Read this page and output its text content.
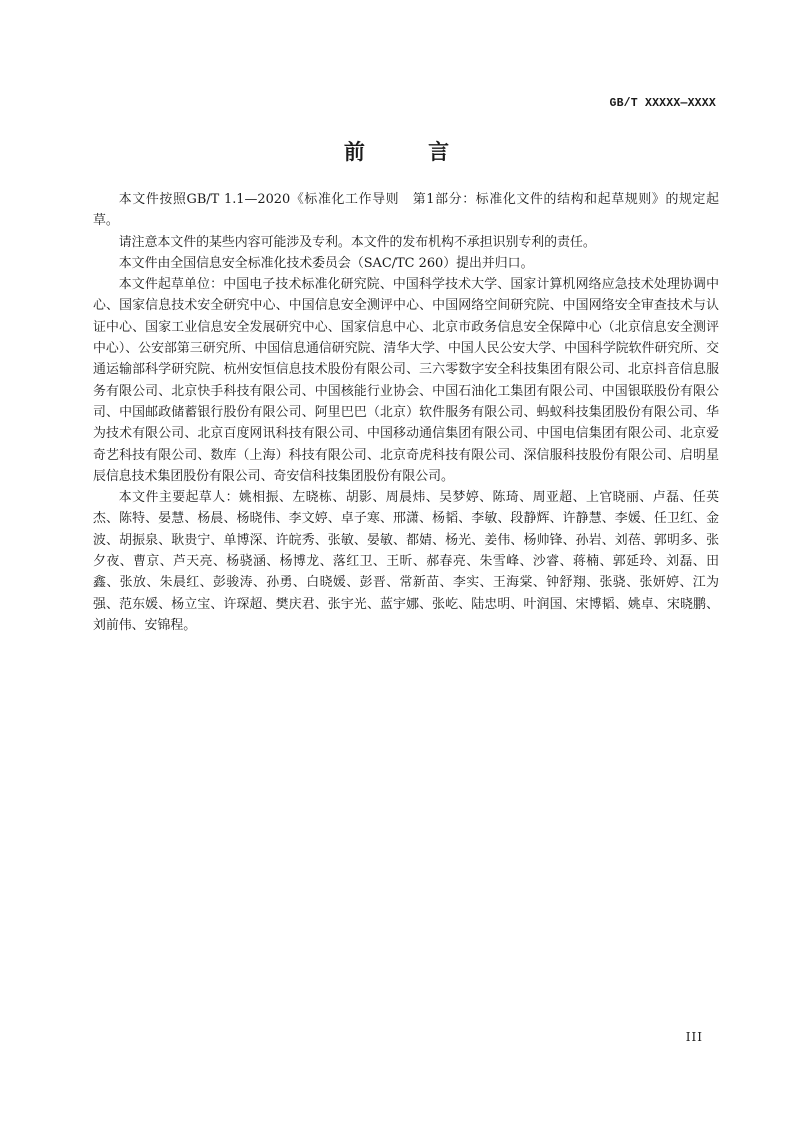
GB/T XXXXX—XXXX
前 言

本文件按照GB/T 1.1—2020《标准化工作导则　第1部分：标准化文件的结构和起草规则》的规定起草。

请注意本文件的某些内容可能涉及专利。本文件的发布机构不承担识别专利的责任。

本文件由全国信息安全标准化技术委员会（SAC/TC 260）提出并归口。

本文件起草单位：中国电子技术标准化研究院、中国科学技术大学、国家计算机网络应急技术处理协调中心、国家信息技术安全研究中心、中国信息安全测评中心、中国网络空间研究院、中国网络安全审查技术与认证中心、国家工业信息安全发展研究中心、国家信息中心、北京市政务信息安全保障中心（北京信息安全测评中心）、公安部第三研究所、中国信息通信研究院、清华大学、中国人民公安大学、中国科学院软件研究所、交通运输部科学研究院、杭州安恒信息技术股份有限公司、三六零数字安全科技集团有限公司、北京抖音信息服务有限公司、北京快手科技有限公司、中国核能行业协会、中国石油化工集团有限公司、中国银联股份有限公司、中国邮政储蓄银行股份有限公司、阿里巴巴（北京）软件服务有限公司、蚂蚁科技集团股份有限公司、华为技术有限公司、北京百度网讯科技有限公司、中国移动通信集团有限公司、中国电信集团有限公司、北京爱奇艺科技有限公司、数库（上海）科技有限公司、北京奇虎科技有限公司、深信服科技股份有限公司、启明星辰信息技术集团股份有限公司、奇安信科技集团股份有限公司。

本文件主要起草人：姚相振、左晓栋、胡影、周晨炜、吴梦婷、陈琦、周亚超、上官晓丽、卢磊、任英杰、陈特、晏慧、杨晨、杨晓伟、李文婷、卓子寒、邢潇、杨韬、李敏、段静辉、许静慧、李媛、任卫红、金波、胡振泉、耿贵宁、单博深、许皖秀、张敏、晏敏、都婧、杨光、姜伟、杨帅锋、孙岩、刘蓓、郭明多、张夕夜、曹京、芦天亮、杨骁涵、杨博龙、落红卫、王昕、郝春亮、朱雪峰、沙睿、蒋楠、郭延玲、刘磊、田鑫、张放、朱晨红、彭骏涛、孙勇、白晓媛、彭晋、常新苗、李实、王海棠、钟舒翔、张骁、张妍婷、江为强、范东媛、杨立宝、许琛超、樊庆君、张宇光、蓝宇娜、张屹、陆忠明、叶润国、宋博韬、姚卓、宋晓鹏、刘前伟、安锦程。

III
